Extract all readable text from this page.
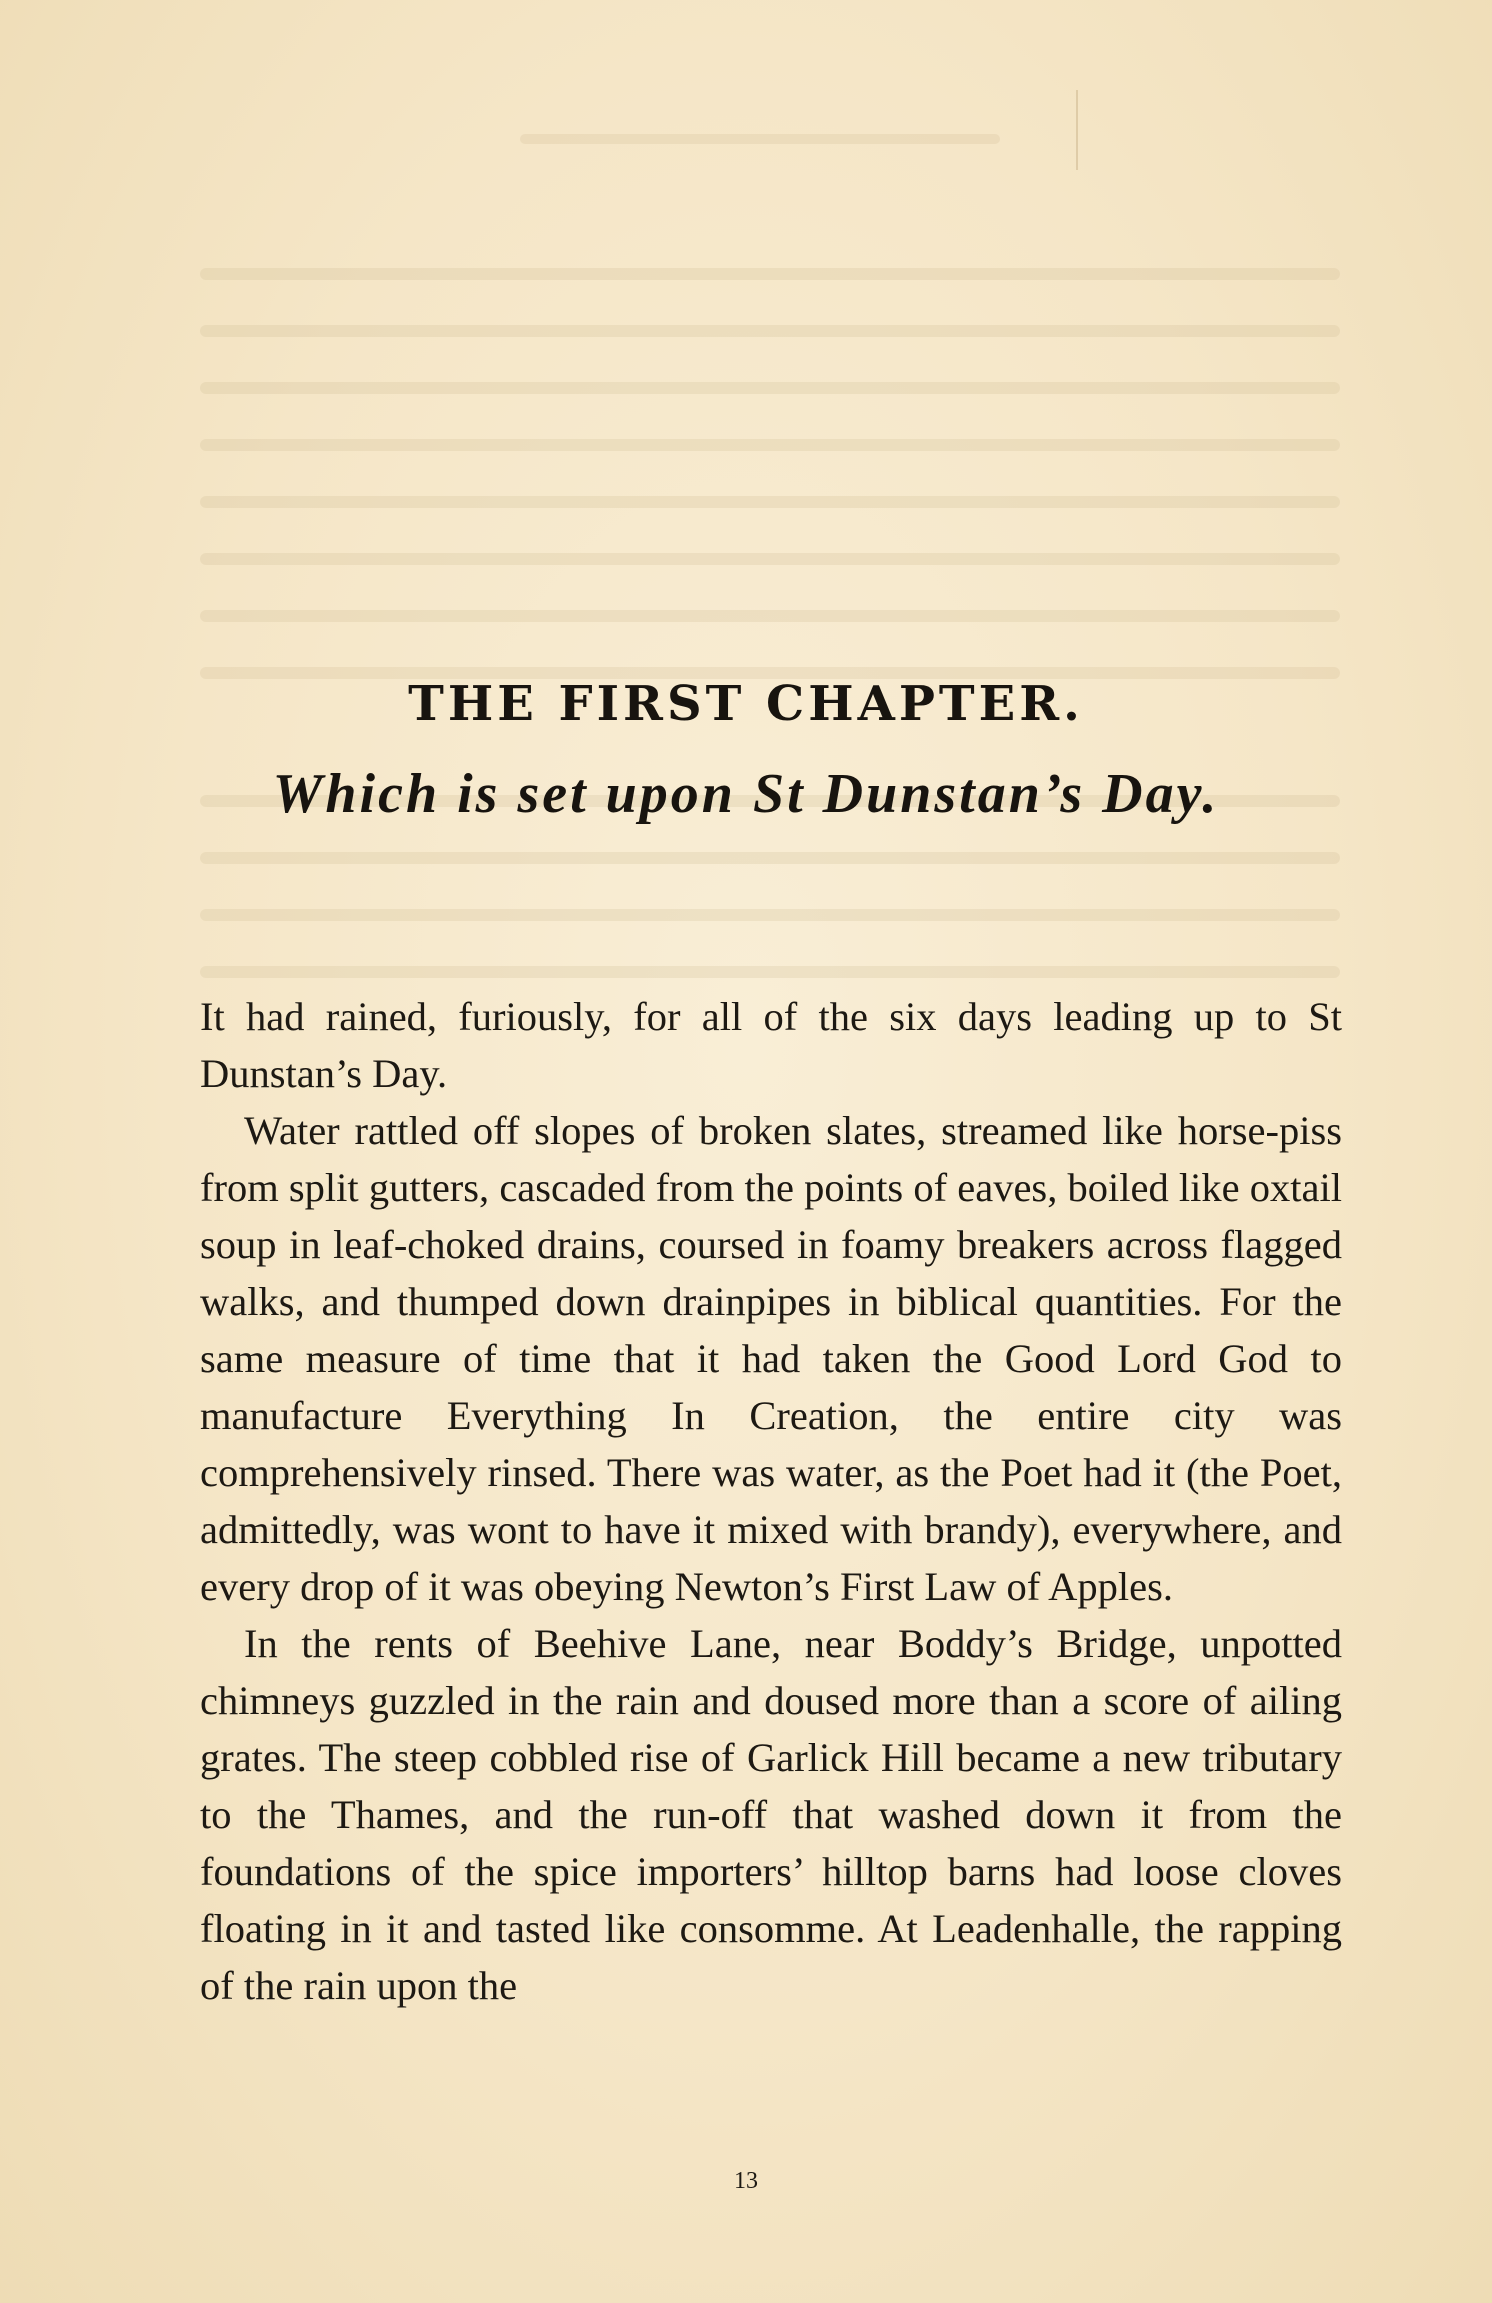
THE FIRST CHAPTER.
Which is set upon St Dunstan’s Day.

It had rained, furiously, for all of the six days leading up to St Dunstan’s Day.

Water rattled off slopes of broken slates, streamed like horse-piss from split gutters, cascaded from the points of eaves, boiled like oxtail soup in leaf-choked drains, coursed in foamy breakers across flagged walks, and thumped down drainpipes in biblical quantities. For the same measure of time that it had taken the Good Lord God to manufacture Everything In Creation, the entire city was comprehensively rinsed. There was water, as the Poet had it (the Poet, admittedly, was wont to have it mixed with brandy), everywhere, and every drop of it was obeying Newton’s First Law of Apples.

In the rents of Beehive Lane, near Boddy’s Bridge, unpotted chimneys guzzled in the rain and doused more than a score of ailing grates. The steep cobbled rise of Garlick Hill became a new tributary to the Thames, and the run-off that washed down it from the foundations of the spice importers’ hilltop barns had loose cloves floating in it and tasted like consomme. At Leadenhalle, the rapping of the rain upon the

13
